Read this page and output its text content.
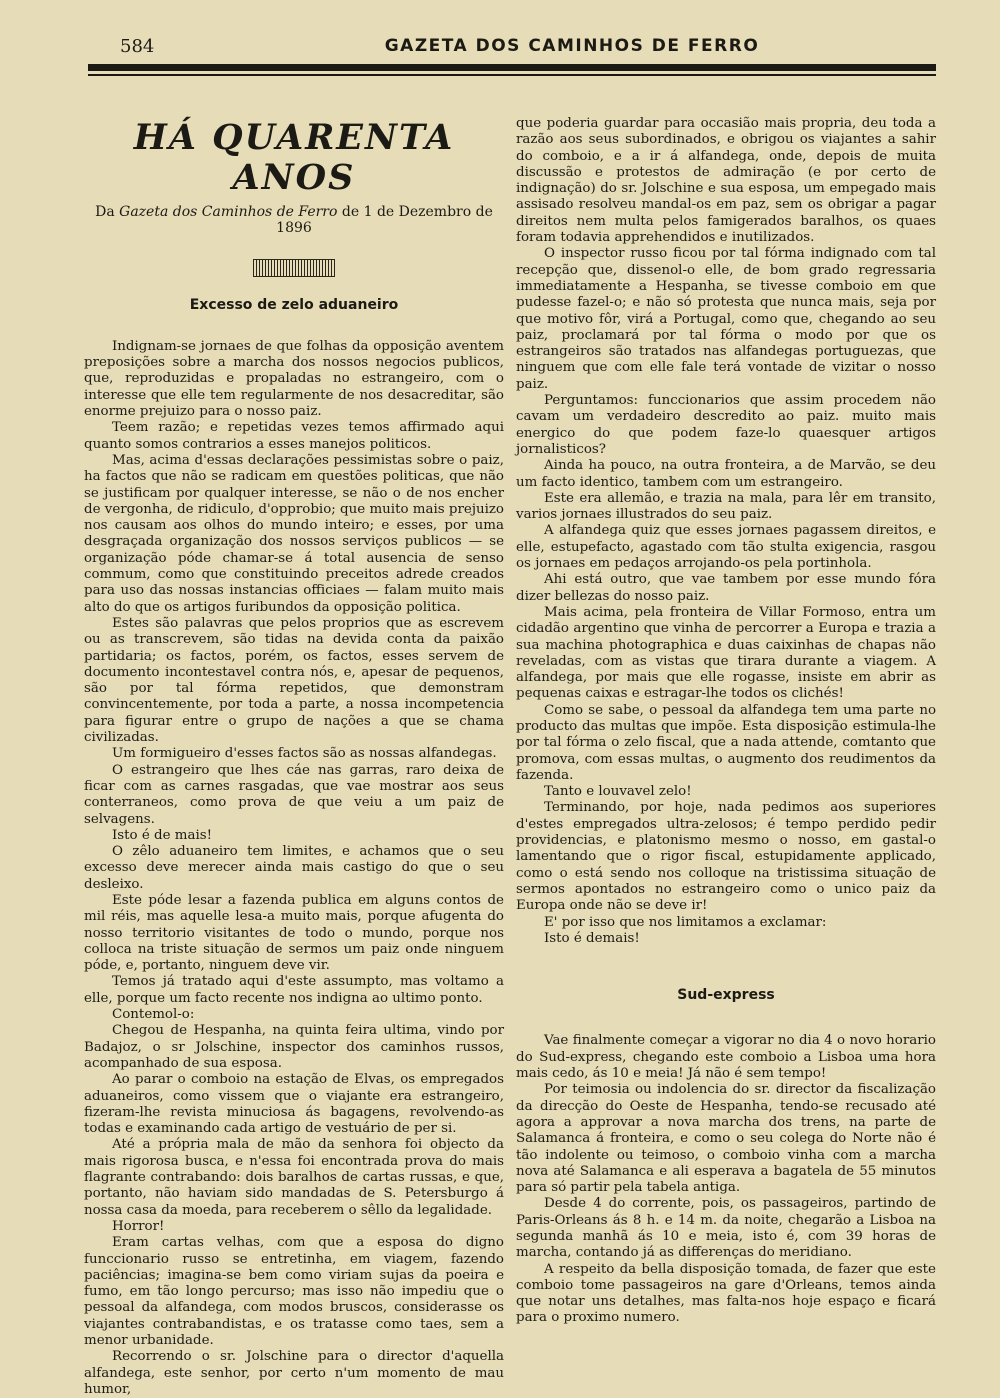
584	GAZETA DOS CAMINHOS DE FERRO
HÁ QUARENTA ANOS
Da Gazeta dos Caminhos de Ferro de 1 de Dezembro de 1896
Excesso de zelo aduaneiro

Indignam-se jornaes de que folhas da opposição aventem preposições sobre a marcha dos nossos negocios publicos, que, reproduzidas e propaladas no estrangeiro, com o interesse que elle tem regularmente de nos desacreditar, são enorme prejuizo para o nosso paiz.

Teem razão; e repetidas vezes temos affirmado aqui quanto somos contrarios a esses manejos politicos.

Mas, acima d'essas declarações pessimistas sobre o paiz, ha factos que não se radicam em questões politicas, que não se justificam por qualquer interesse, se não o de nos encher de vergonha, de ridiculo, d'opprobio; que muito mais prejuizo nos causam aos olhos do mundo inteiro; e esses, por uma desgraçada organização dos nossos serviços publicos — se organização póde chamar-se á total ausencia de senso commum, como que constituindo preceitos adrede creados para uso das nossas instancias officiaes — falam muito mais alto do que os artigos furibundos da opposição politica.

Estes são palavras que pelos proprios que as escrevem ou as transcrevem, são tidas na devida conta da paixão partidaria; os factos, porém, os factos, esses servem de documento incontestavel contra nós, e, apesar de pequenos, são por tal fórma repetidos, que demonstram convincentemente, por toda a parte, a nossa incompetencia para figurar entre o grupo de nações a que se chama civilizadas.

Um formigueiro d'esses factos são as nossas alfandegas.

O estrangeiro que lhes cáe nas garras, raro deixa de ficar com as carnes rasgadas, que vae mostrar aos seus conterraneos, como prova de que veiu a um paiz de selvagens.

Isto é de mais!

O zêlo aduaneiro tem limites, e achamos que o seu excesso deve merecer ainda mais castigo do que o seu desleixo.

Este póde lesar a fazenda publica em alguns contos de mil réis, mas aquelle lesa-a muito mais, porque afugenta do nosso territorio visitantes de todo o mundo, porque nos colloca na triste situação de sermos um paiz onde ninguem póde, e, portanto, ninguem deve vir.

Temos já tratado aqui d'este assumpto, mas voltamo a elle, porque um facto recente nos indigna ao ultimo ponto.

Contemol-o:

Chegou de Hespanha, na quinta feira ultima, vindo por Badajoz, o sr Jolschine, inspector dos caminhos russos, acompanhado de sua esposa.

Ao parar o comboio na estação de Elvas, os empregados aduaneiros, como vissem que o viajante era estrangeiro, fizeram-lhe revista minuciosa ás bagagens, revolvendo-as todas e examinando cada artigo de vestuário de per si.

Até a própria mala de mão da senhora foi objecto da mais rigorosa busca, e n'essa foi encontrada prova do mais flagrante contrabando: dois baralhos de cartas russas, e que, portanto, não haviam sido mandadas de S. Petersburgo á nossa casa da moeda, para receberem o sêllo da legalidade.

Horror!

Eram cartas velhas, com que a esposa do digno funccionario russo se entretinha, em viagem, fazendo paciências; imagina-se bem como viriam sujas da poeira e fumo, em tão longo percurso; mas isso não impediu que o pessoal da alfandega, com modos bruscos, considerasse os viajantes contrabandistas, e os tratasse como taes, sem a menor urbanidade.

Recorrendo o sr. Jolschine para o director d'aquella alfandega, este senhor, por certo n'um momento de mau humor,

que poderia guardar para occasião mais propria, deu toda a razão aos seus subordinados, e obrigou os viajantes a sahir do comboio, e a ir á alfandega, onde, depois de muita discussão e protestos de admiração (e por certo de indignação) do sr. Jolschine e sua esposa, um empegado mais assisado resolveu mandal-os em paz, sem os obrigar a pagar direitos nem multa pelos famigerados baralhos, os quaes foram todavia apprehendidos e inutilizados.

O inspector russo ficou por tal fórma indignado com tal recepção que, dissenol-o elle, de bom grado regressaria immediatamente a Hespanha, se tivesse comboio em que pudesse fazel-o; e não só protesta que nunca mais, seja por que motivo fôr, virá a Portugal, como que, chegando ao seu paiz, proclamará por tal fórma o modo por que os estrangeiros são tratados nas alfandegas portuguezas, que ninguem que com elle fale terá vontade de vizitar o nosso paiz.

Perguntamos: funccionarios que assim procedem não cavam um verdadeiro descredito ao paiz. muito mais energico do que podem faze-lo quaesquer artigos jornalisticos?

Ainda ha pouco, na outra fronteira, a de Marvão, se deu um facto identico, tambem com um estrangeiro.

Este era allemão, e trazia na mala, para lêr em transito, varios jornaes illustrados do seu paiz.

A alfandega quiz que esses jornaes pagassem direitos, e elle, estupefacto, agastado com tão stulta exigencia, rasgou os jornaes em pedaços arrojando-os pela portinhola.

Ahi está outro, que vae tambem por esse mundo fóra dizer bellezas do nosso paiz.

Mais acima, pela fronteira de Villar Formoso, entra um cidadão argentino que vinha de percorrer a Europa e trazia a sua machina photographica e duas caixinhas de chapas não reveladas, com as vistas que tirara durante a viagem. A alfandega, por mais que elle rogasse, insiste em abrir as pequenas caixas e estragar-lhe todos os clichés!

Como se sabe, o pessoal da alfandega tem uma parte no producto das multas que impõe. Esta disposição estimula-lhe por tal fórma o zelo fiscal, que a nada attende, comtanto que promova, com essas multas, o augmento dos reudimentos da fazenda.

Tanto e louvavel zelo!

Terminando, por hoje, nada pedimos aos superiores d'estes empregados ultra-zelosos; é tempo perdido pedir providencias, e platonismo mesmo o nosso, em gastal-o lamentando que o rigor fiscal, estupidamente applicado, como o está sendo nos colloque na tristissima situação de sermos apontados no estrangeiro como o unico paiz da Europa onde não se deve ir!

E' por isso que nos limitamos a exclamar:

Isto é demais!

Sud-express

Vae finalmente começar a vigorar no dia 4 o novo horario do Sud-express, chegando este comboio a Lisboa uma hora mais cedo, ás 10 e meia! Já não é sem tempo!

Por teimosia ou indolencia do sr. director da fiscalização da direcção do Oeste de Hespanha, tendo-se recusado até agora a approvar a nova marcha dos trens, na parte de Salamanca á fronteira, e como o seu colega do Norte não é tão indolente ou teimoso, o comboio vinha com a marcha nova até Salamanca e ali esperava a bagatela de 55 minutos para só partir pela tabela antiga.

Desde 4 do corrente, pois, os passageiros, partindo de Paris-Orleans ás 8 h. e 14 m. da noite, chegarão a Lisboa na segunda manhã ás 10 e meia, isto é, com 39 horas de marcha, contando já as differenças do meridiano.

A respeito da bella disposição tomada, de fazer que este comboio tome passageiros na gare d'Orleans, temos ainda que notar uns detalhes, mas falta-nos hoje espaço e ficará para o proximo numero.
